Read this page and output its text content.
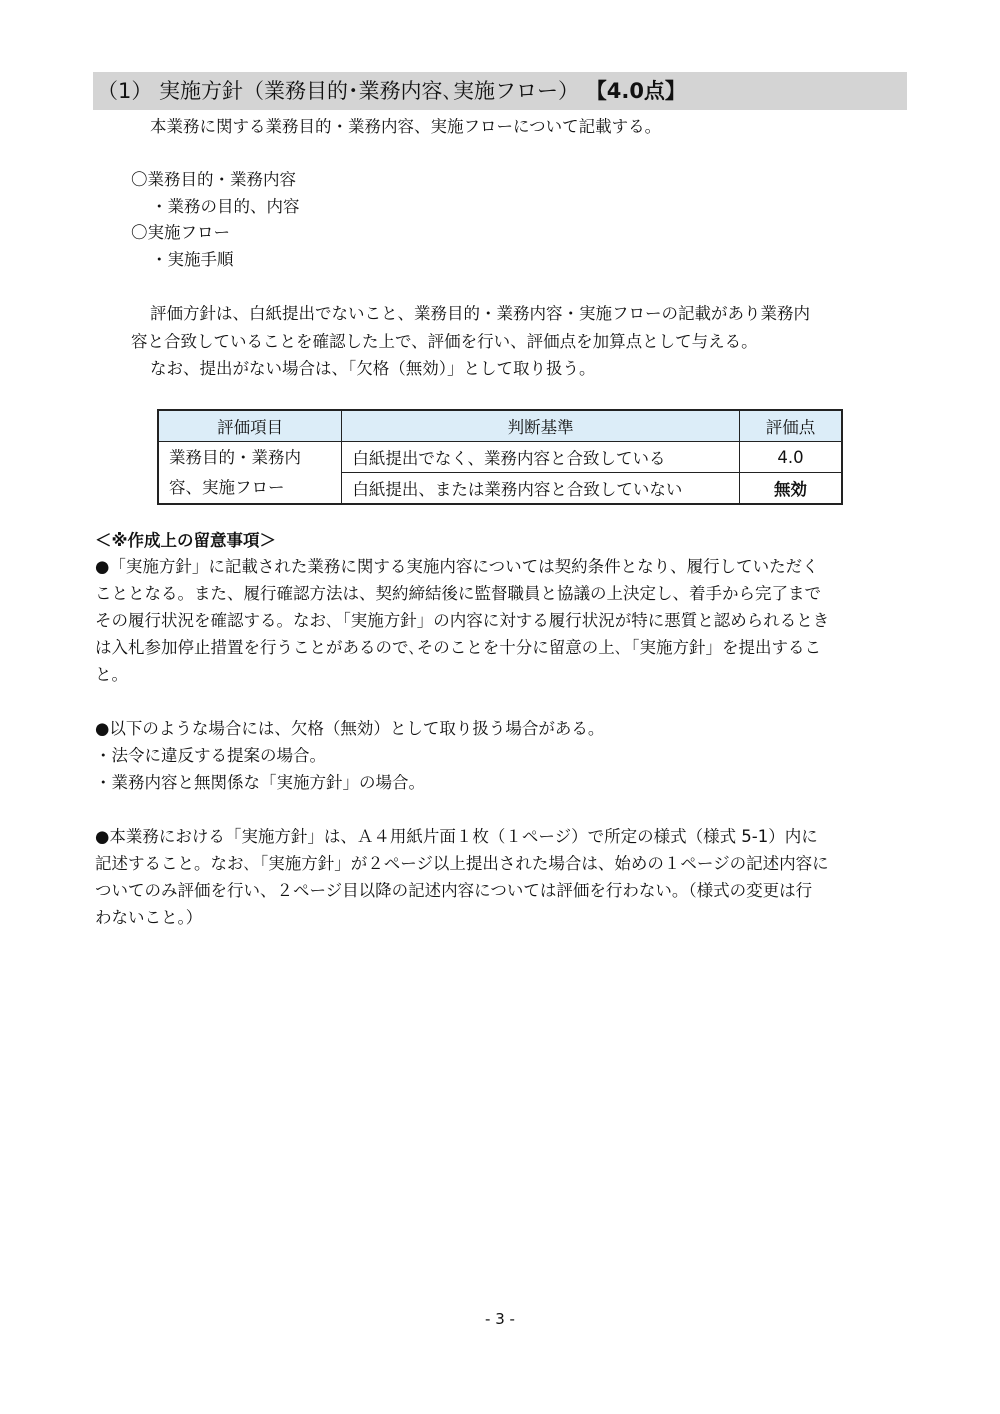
（1） 実施方針（業務目的･業務内容､実施フロー） 【4.0点】
本業務に関する業務目的・業務内容、実施フローについて記載する。
〇業務目的・業務内容
・業務の目的、内容
〇実施フロー
・実施手順
評価方針は、白紙提出でないこと、業務目的・業務内容・実施フローの記載があり業務内
容と合致していることを確認した上で、評価を行い、評価点を加算点として与える。
なお、提出がない場合は、「欠格（無効）」として取り扱う。
評価項目	判断基準	評価点
業務目的・業務内容、実施フロー	白紙提出でなく、業務内容と合致している	4.0
	白紙提出、または業務内容と合致していない	無効
＜※作成上の留意事項＞
●「実施方針」に記載された業務に関する実施内容については契約条件となり、履行していただく
こととなる。また、履行確認方法は、契約締結後に監督職員と協議の上決定し、着手から完了まで
その履行状況を確認する。なお､「実施方針」の内容に対する履行状況が特に悪質と認められるとき
は入札参加停止措置を行うことがあるので､そのことを十分に留意の上､「実施方針」を提出するこ
と。
●以下のような場合には、欠格（無効）として取り扱う場合がある。
・法令に違反する提案の場合。
・業務内容と無関係な「実施方針」の場合。
●本業務における「実施方針」は、Ａ４用紙片面１枚（１ページ）で所定の様式（様式 5-1）内に
記述すること。なお､「実施方針」が２ページ以上提出された場合は、始めの１ページの記述内容に
ついてのみ評価を行い、２ページ目以降の記述内容については評価を行わない。（様式の変更は行
わないこと。）
- 3 -
